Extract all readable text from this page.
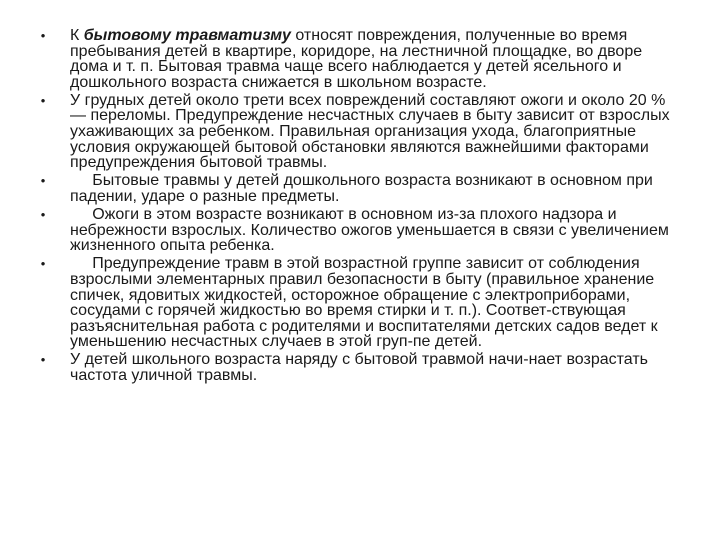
• К бытовому травматизму относят повреждения, полученные во время пребывания детей в квартире, коридоре, на лестничной площадке, во дворе дома и т. п. Бытовая травма чаще всего наблюдается у детей ясельного и дошкольного возраста снижается в школьном возрасте.
• У грудных детей около трети всех повреждений составляют ожоги и около 20 % — переломы. Предупреждение несчастных случаев в быту зависит от взрослых ухаживающих за ребенком. Правильная организация ухода, благоприятные условия окружающей бытовой обстановки являются важнейшими факторами предупреждения бытовой травмы.
•	Бытовые травмы у детей дошкольного возраста возникают в основном при падении, ударе о разные предметы.
•	Ожоги в этом возрасте возникают в основном из-за плохого надзора и небрежности взрослых. Количество ожогов уменьшается в связи с увеличением жизненного опыта ребенка.
•	Предупреждение травм в этой возрастной группе зависит от соблюдения взрослыми элементарных правил безопасности в быту (правильное хранение спичек, ядовитых жидкостей, осторожное обращение с электроприборами, сосудами с горячей жидкостью во время стирки и т. п.). Соответ-ствующая разъяснительная работа с родителями и воспитателями детских садов ведет к уменьшению несчастных случаев в этой груп-пе детей.
• У детей школьного возраста наряду с бытовой травмой начи-нает возрастать частота уличной травмы.
